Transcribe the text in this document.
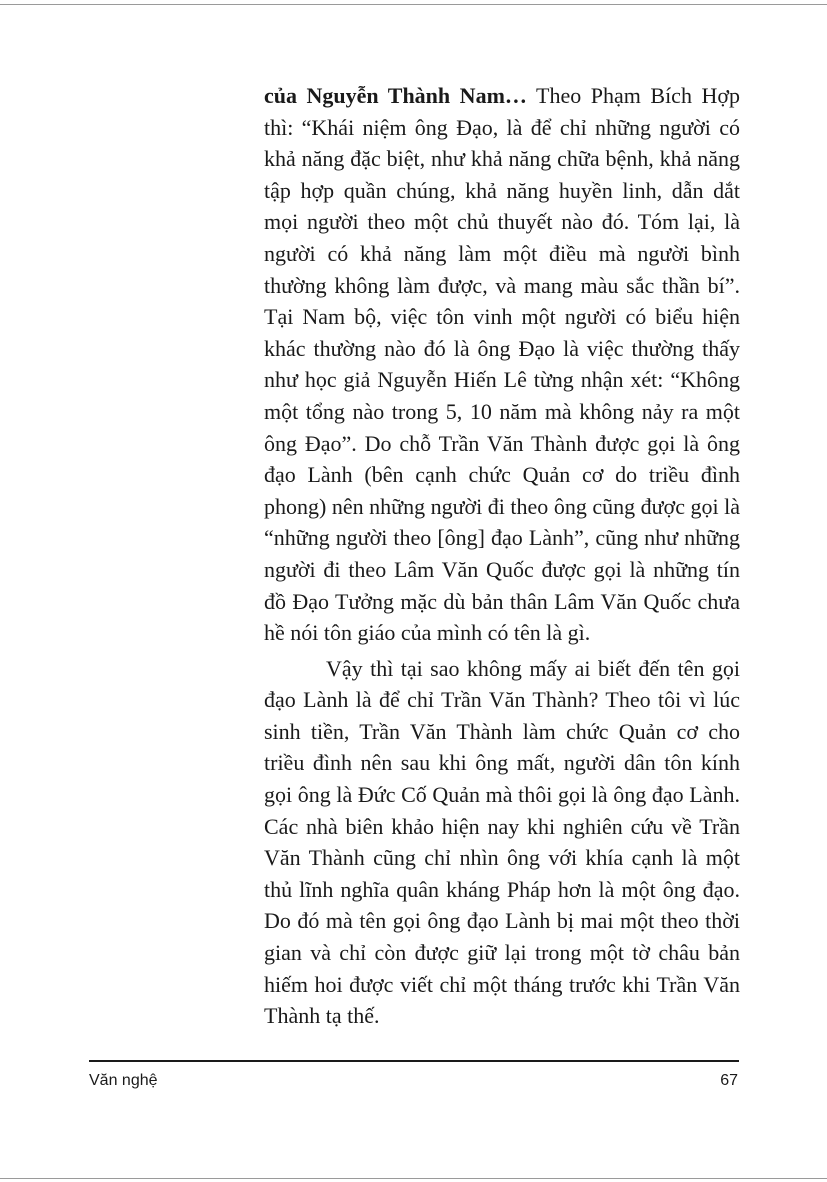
của Nguyễn Thành Nam… Theo Phạm Bích Hợp thì: “Khái niệm ông Đạo, là để chỉ những người có khả năng đặc biệt, như khả năng chữa bệnh, khả năng tập hợp quần chúng, khả năng huyền linh, dẫn dắt mọi người theo một chủ thuyết nào đó. Tóm lại, là người có khả năng làm một điều mà người bình thường không làm được, và mang màu sắc thần bí”. Tại Nam bộ, việc tôn vinh một người có biểu hiện khác thường nào đó là ông Đạo là việc thường thấy như học giả Nguyễn Hiến Lê từng nhận xét: “Không một tổng nào trong 5, 10 năm mà không nảy ra một ông Đạo”. Do chỗ Trần Văn Thành được gọi là ông đạo Lành (bên cạnh chức Quản cơ do triều đình phong) nên những người đi theo ông cũng được gọi là “những người theo [ông] đạo Lành”, cũng như những người đi theo Lâm Văn Quốc được gọi là những tín đồ Đạo Tưởng mặc dù bản thân Lâm Văn Quốc chưa hề nói tôn giáo của mình có tên là gì.

Vậy thì tại sao không mấy ai biết đến tên gọi đạo Lành là để chỉ Trần Văn Thành? Theo tôi vì lúc sinh tiền, Trần Văn Thành làm chức Quản cơ cho triều đình nên sau khi ông mất, người dân tôn kính gọi ông là Đức Cố Quản mà thôi gọi là ông đạo Lành. Các nhà biên khảo hiện nay khi nghiên cứu về Trần Văn Thành cũng chỉ nhìn ông với khía cạnh là một thủ lĩnh nghĩa quân kháng Pháp hơn là một ông đạo. Do đó mà tên gọi ông đạo Lành bị mai một theo thời gian và chỉ còn được giữ lại trong một tờ châu bản hiếm hoi được viết chỉ một tháng trước khi Trần Văn Thành tạ thế.

Văn nghệ	67
